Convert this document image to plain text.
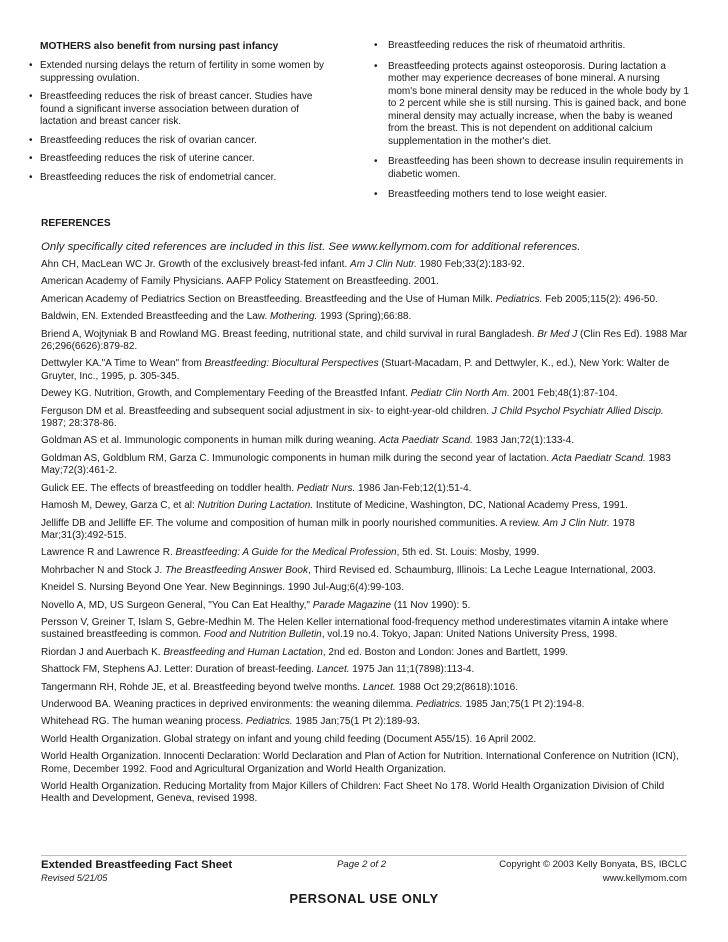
MOTHERS also benefit from nursing past infancy
• Extended nursing delays the return of fertility in some women by suppressing ovulation.
• Breastfeeding reduces the risk of breast cancer. Studies have found a significant inverse association between duration of lactation and breast cancer risk.
• Breastfeeding reduces the risk of ovarian cancer.
• Breastfeeding reduces the risk of uterine cancer.
• Breastfeeding reduces the risk of endometrial cancer.
• Breastfeeding reduces the risk of rheumatoid arthritis.
• Breastfeeding protects against osteoporosis. During lactation a mother may experience decreases of bone mineral. A nursing mom's bone mineral density may be reduced in the whole body by 1 to 2 percent while she is still nursing. This is gained back, and bone mineral density may actually increase, when the baby is weaned from the breast. This is not dependent on additional calcium supplementation in the mother's diet.
• Breastfeeding has been shown to decrease insulin requirements in diabetic women.
• Breastfeeding mothers tend to lose weight easier.
REFERENCES
Only specifically cited references are included in this list. See www.kellymom.com for additional references.
Ahn CH, MacLean WC Jr. Growth of the exclusively breast-fed infant. Am J Clin Nutr. 1980 Feb;33(2):183-92.
American Academy of Family Physicians. AAFP Policy Statement on Breastfeeding. 2001.
American Academy of Pediatrics Section on Breastfeeding. Breastfeeding and the Use of Human Milk. Pediatrics. Feb 2005;115(2): 496-50.
Baldwin, EN. Extended Breastfeeding and the Law. Mothering. 1993 (Spring);66:88.
Briend A, Wojtyniak B and Rowland MG. Breast feeding, nutritional state, and child survival in rural Bangladesh. Br Med J (Clin Res Ed). 1988 Mar 26;296(6626):879-82.
Dettwyler KA."A Time to Wean" from Breastfeeding: Biocultural Perspectives (Stuart-Macadam, P. and Dettwyler, K., ed.), New York: Walter de Gruyter, Inc., 1995, p. 305-345.
Dewey KG. Nutrition, Growth, and Complementary Feeding of the Breastfed Infant. Pediatr Clin North Am. 2001 Feb;48(1):87-104.
Ferguson DM et al. Breastfeeding and subsequent social adjustment in six- to eight-year-old children. J Child Psychol Psychiatr Allied Discip. 1987; 28:378-86.
Goldman AS et al. Immunologic components in human milk during weaning. Acta Paediatr Scand. 1983 Jan;72(1):133-4.
Goldman AS, Goldblum RM, Garza C. Immunologic components in human milk during the second year of lactation. Acta Paediatr Scand. 1983 May;72(3):461-2.
Gulick EE. The effects of breastfeeding on toddler health. Pediatr Nurs. 1986 Jan-Feb;12(1):51-4.
Hamosh M, Dewey, Garza C, et al: Nutrition During Lactation. Institute of Medicine, Washington, DC, National Academy Press, 1991.
Jelliffe DB and Jelliffe EF. The volume and composition of human milk in poorly nourished communities. A review. Am J Clin Nutr. 1978 Mar;31(3):492-515.
Lawrence R and Lawrence R. Breastfeeding: A Guide for the Medical Profession, 5th ed. St. Louis: Mosby, 1999.
Mohrbacher N and Stock J. The Breastfeeding Answer Book, Third Revised ed. Schaumburg, Illinois: La Leche League International, 2003.
Kneidel S. Nursing Beyond One Year. New Beginnings. 1990 Jul-Aug;6(4):99-103.
Novello A, MD, US Surgeon General, "You Can Eat Healthy," Parade Magazine (11 Nov 1990): 5.
Persson V, Greiner T, Islam S, Gebre-Medhin M. The Helen Keller international food-frequency method underestimates vitamin A intake where sustained breastfeeding is common. Food and Nutrition Bulletin, vol.19 no.4. Tokyo, Japan: United Nations University Press, 1998.
Riordan J and Auerbach K. Breastfeeding and Human Lactation, 2nd ed. Boston and London: Jones and Bartlett, 1999.
Shattock FM, Stephens AJ. Letter: Duration of breast-feeding. Lancet. 1975 Jan 11;1(7898):113-4.
Tangermann RH, Rohde JE, et al. Breastfeeding beyond twelve months. Lancet. 1988 Oct 29;2(8618):1016.
Underwood BA. Weaning practices in deprived environments: the weaning dilemma. Pediatrics. 1985 Jan;75(1 Pt 2):194-8.
Whitehead RG. The human weaning process. Pediatrics. 1985 Jan;75(1 Pt 2):189-93.
World Health Organization. Global strategy on infant and young child feeding (Document A55/15). 16 April 2002.
World Health Organization. Innocenti Declaration: World Declaration and Plan of Action for Nutrition. International Conference on Nutrition (ICN), Rome, December 1992. Food and Agricultural Organization and World Health Organization.
World Health Organization. Reducing Mortality from Major Killers of Children: Fact Sheet No 178. World Health Organization Division of Child Health and Development, Geneva, revised 1998.
Extended Breastfeeding Fact Sheet
Revised 5/21/05
Page 2 of 2	Copyright © 2003 Kelly Bonyata, BS, IBCLC
www.kellymom.com
PERSONAL USE ONLY
